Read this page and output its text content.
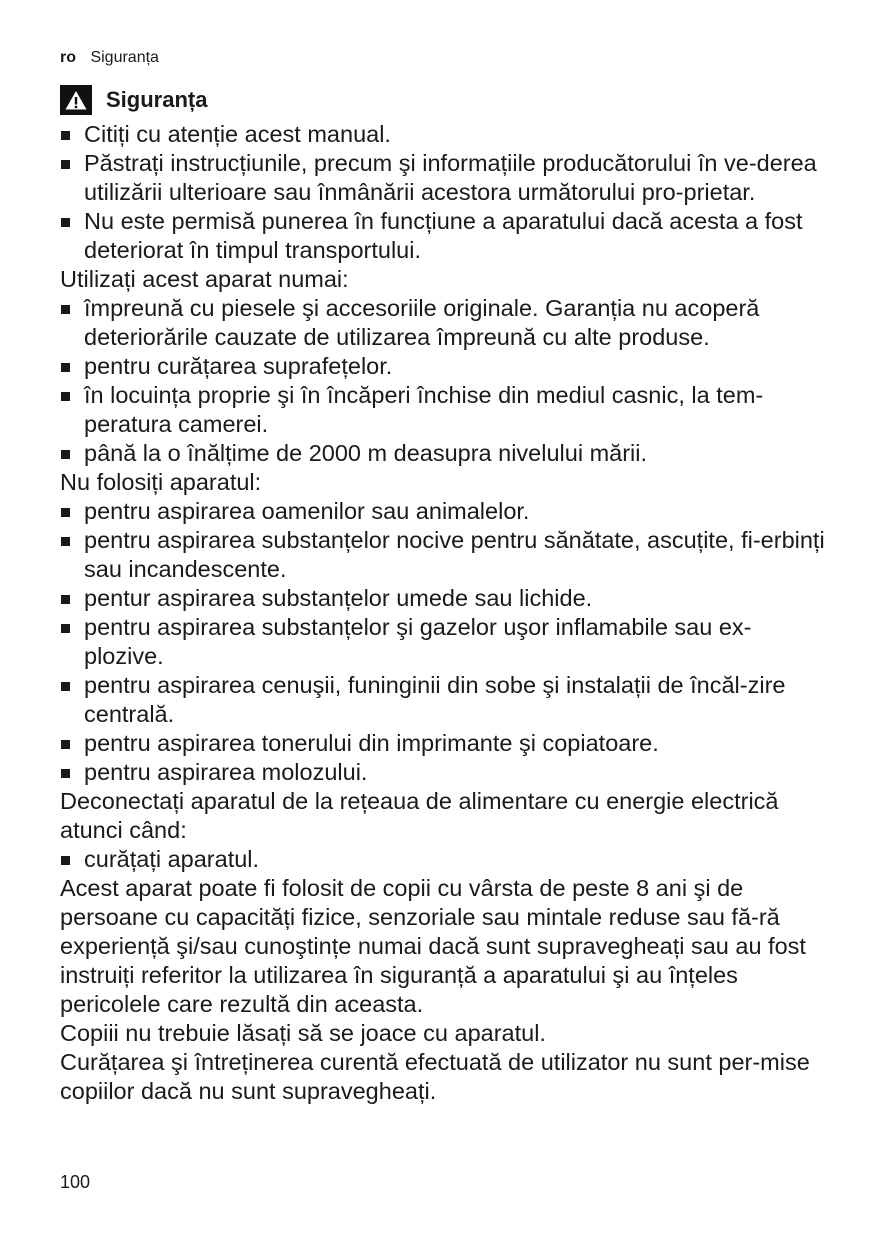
ro Siguranța
Siguranța
Citiți cu atenție acest manual.
Păstrați instrucțiunile, precum şi informațiile producătorului în ve-derea utilizării ulterioare sau înmânării acestora următorului pro-prietar.
Nu este permisă punerea în funcțiune a aparatului dacă acesta a fost deteriorat în timpul transportului.

Utilizați acest aparat numai:

împreună cu piesele şi accesoriile originale. Garanția nu acoperă deteriorările cauzate de utilizarea împreună cu alte produse.
pentru curățarea suprafețelor.
în locuința proprie şi în încăperi închise din mediul casnic, la tem-peratura camerei.
până la o înălțime de 2000 m deasupra nivelului mării.

Nu folosiți aparatul:

pentru aspirarea oamenilor sau animalelor.
pentru aspirarea substanțelor nocive pentru sănătate, ascuțite, fi-erbinți sau incandescente.
pentur aspirarea substanțelor umede sau lichide.
pentru aspirarea substanțelor şi gazelor uşor inflamabile sau ex-plozive.
pentru aspirarea cenuşii, funinginii din sobe şi instalații de încăl-zire centrală.
pentru aspirarea tonerului din imprimante şi copiatoare.
pentru aspirarea molozului.

Deconectați aparatul de la rețeaua de alimentare cu energie electrică atunci când:

curățați aparatul.

Acest aparat poate fi folosit de copii cu vârsta de peste 8 ani şi de persoane cu capacități fizice, senzoriale sau mintale reduse sau fă-ră experiență şi/sau cunoştințe numai dacă sunt supravegheați sau au fost instruiți referitor la utilizarea în siguranță a aparatului şi au înțeles pericolele care rezultă din aceasta.

Copiii nu trebuie lăsați să se joace cu aparatul.

Curățarea şi întreținerea curentă efectuată de utilizator nu sunt per-mise copiilor dacă nu sunt supravegheați.

100
